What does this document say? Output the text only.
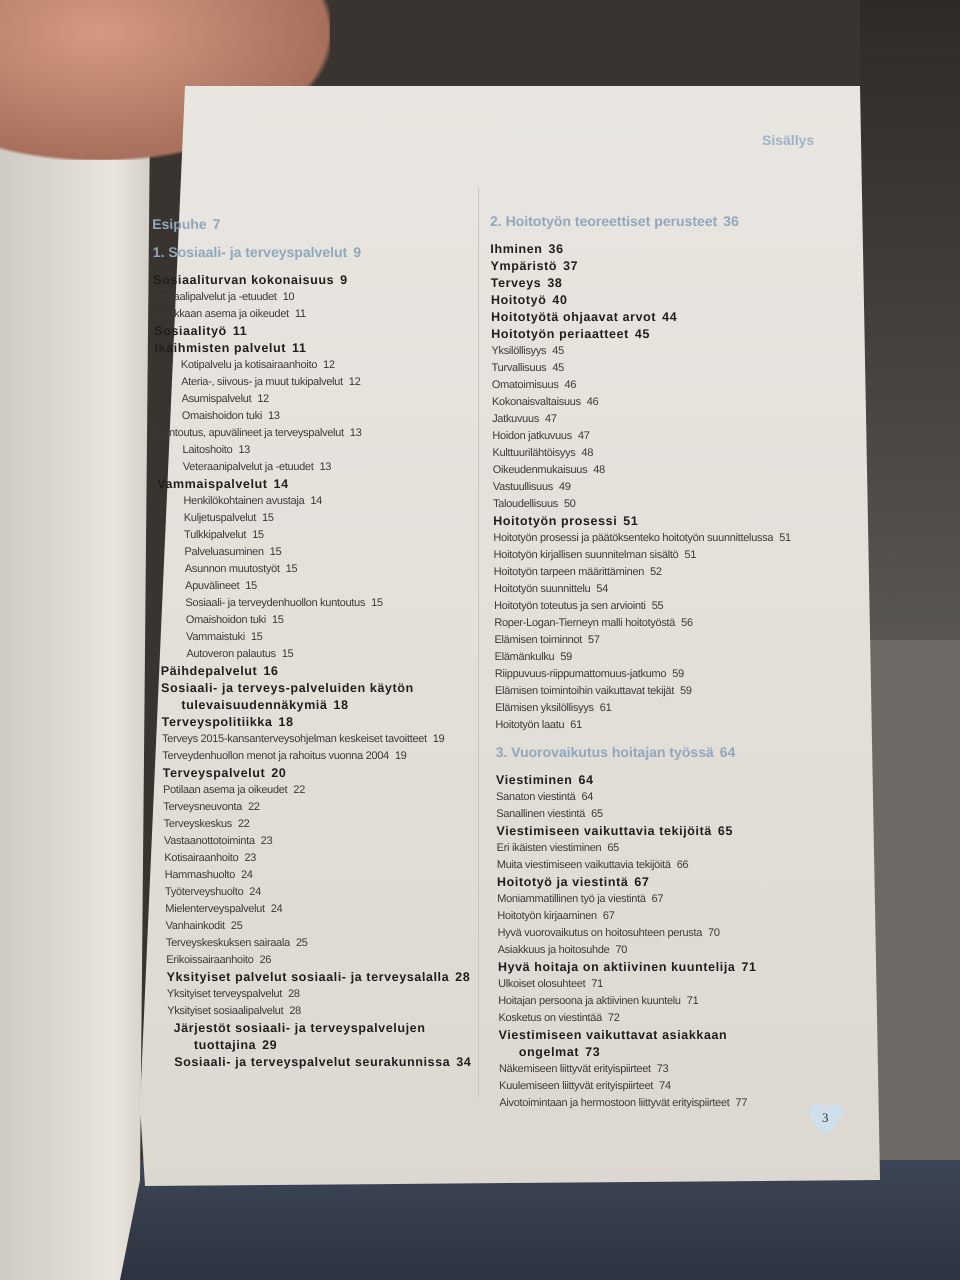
Sisällys
Esipuhe 7
1. Sosiaali- ja terveyspalvelut 9
Sosiaaliturvan kokonaisuus 9
Sosiaalipalvelut ja -etuudet 10
Asiakkaan asema ja oikeudet 11
Sosiaalityö 11
Ikäihmisten palvelut 11
Kotipalvelu ja kotisairaanhoito 12
Ateria-, siivous- ja muut tukipalvelut 12
Asumispalvelut 12
Omaishoidon tuki 13
Kuntoutus, apuvälineet ja terveyspalvelut 13
Laitoshoito 13
Veteraanipalvelut ja -etuudet 13
Vammaispalvelut 14
Henkilökohtainen avustaja 14
Kuljetuspalvelut 15
Tulkkipalvelut 15
Palveluasuminen 15
Asunnon muutostyöt 15
Apuvälineet 15
Sosiaali- ja terveydenhuollon kuntoutus 15
Omaishoidon tuki 15
Vammaistuki 15
Autoveron palautus 15
Päihdepalvelut 16
Sosiaali- ja terveys-palveluiden käytön
tulevaisuudennäkymiä 18
Terveyspolitiikka 18
Terveys 2015-kansanterveysohjelman keskeiset tavoitteet 19
Terveydenhuollon menot ja rahoitus vuonna 2004 19
Terveyspalvelut 20
Potilaan asema ja oikeudet 22
Terveysneuvonta 22
Terveyskeskus 22
Vastaanottotoiminta 23
Kotisairaanhoito 23
Hammashuolto 24
Työterveyshuolto 24
Mielenterveyspalvelut 24
Vanhainkodit 25
Terveyskeskuksen sairaala 25
Erikoissairaanhoito 26
Yksityiset palvelut sosiaali- ja terveysalalla 28
Yksityiset terveyspalvelut 28
Yksityiset sosiaalipalvelut 28
Järjestöt sosiaali- ja terveyspalvelujen
tuottajina 29
Sosiaali- ja terveyspalvelut seurakunnissa 34
2. Hoitotyön teoreettiset perusteet 36
Ihminen 36
Ympäristö 37
Terveys 38
Hoitotyö 40
Hoitotyötä ohjaavat arvot 44
Hoitotyön periaatteet 45
Yksilöllisyys 45
Turvallisuus 45
Omatoimisuus 46
Kokonaisvaltaisuus 46
Jatkuvuus 47
Hoidon jatkuvuus 47
Kulttuurilähtöisyys 48
Oikeudenmukaisuus 48
Vastuullisuus 49
Taloudellisuus 50
Hoitotyön prosessi 51
Hoitotyön prosessi ja päätöksenteko hoitotyön suunnittelussa 51
Hoitotyön kirjallisen suunnitelman sisältö 51
Hoitotyön tarpeen määrittäminen 52
Hoitotyön suunnittelu 54
Hoitotyön toteutus ja sen arviointi 55
Roper-Logan-Tierneyn malli hoitotyöstä 56
Elämisen toiminnot 57
Elämänkulku 59
Riippuvuus-riippumattomuus-jatkumo 59
Elämisen toimintoihin vaikuttavat tekijät 59
Elämisen yksilöllisyys 61
Hoitotyön laatu 61
3. Vuorovaikutus hoitajan työssä 64
Viestiminen 64
Sanaton viestintä 64
Sanallinen viestintä 65
Viestimiseen vaikuttavia tekijöitä 65
Eri ikäisten viestiminen 65
Muita viestimiseen vaikuttavia tekijöitä 66
Hoitotyö ja viestintä 67
Moniammatillinen työ ja viestintä 67
Hoitotyön kirjaaminen 67
Hyvä vuorovaikutus on hoitosuhteen perusta 70
Asiakkuus ja hoitosuhde 70
Hyvä hoitaja on aktiivinen kuuntelija 71
Ulkoiset olosuhteet 71
Hoitajan persoona ja aktiivinen kuuntelu 71
Kosketus on viestintää 72
Viestimiseen vaikuttavat asiakkaan
ongelmat 73
Näkemiseen liittyvät erityispiirteet 73
Kuulemiseen liittyvät erityispiirteet 74
Aivotoimintaan ja hermostoon liittyvät erityispiirteet 77
3
